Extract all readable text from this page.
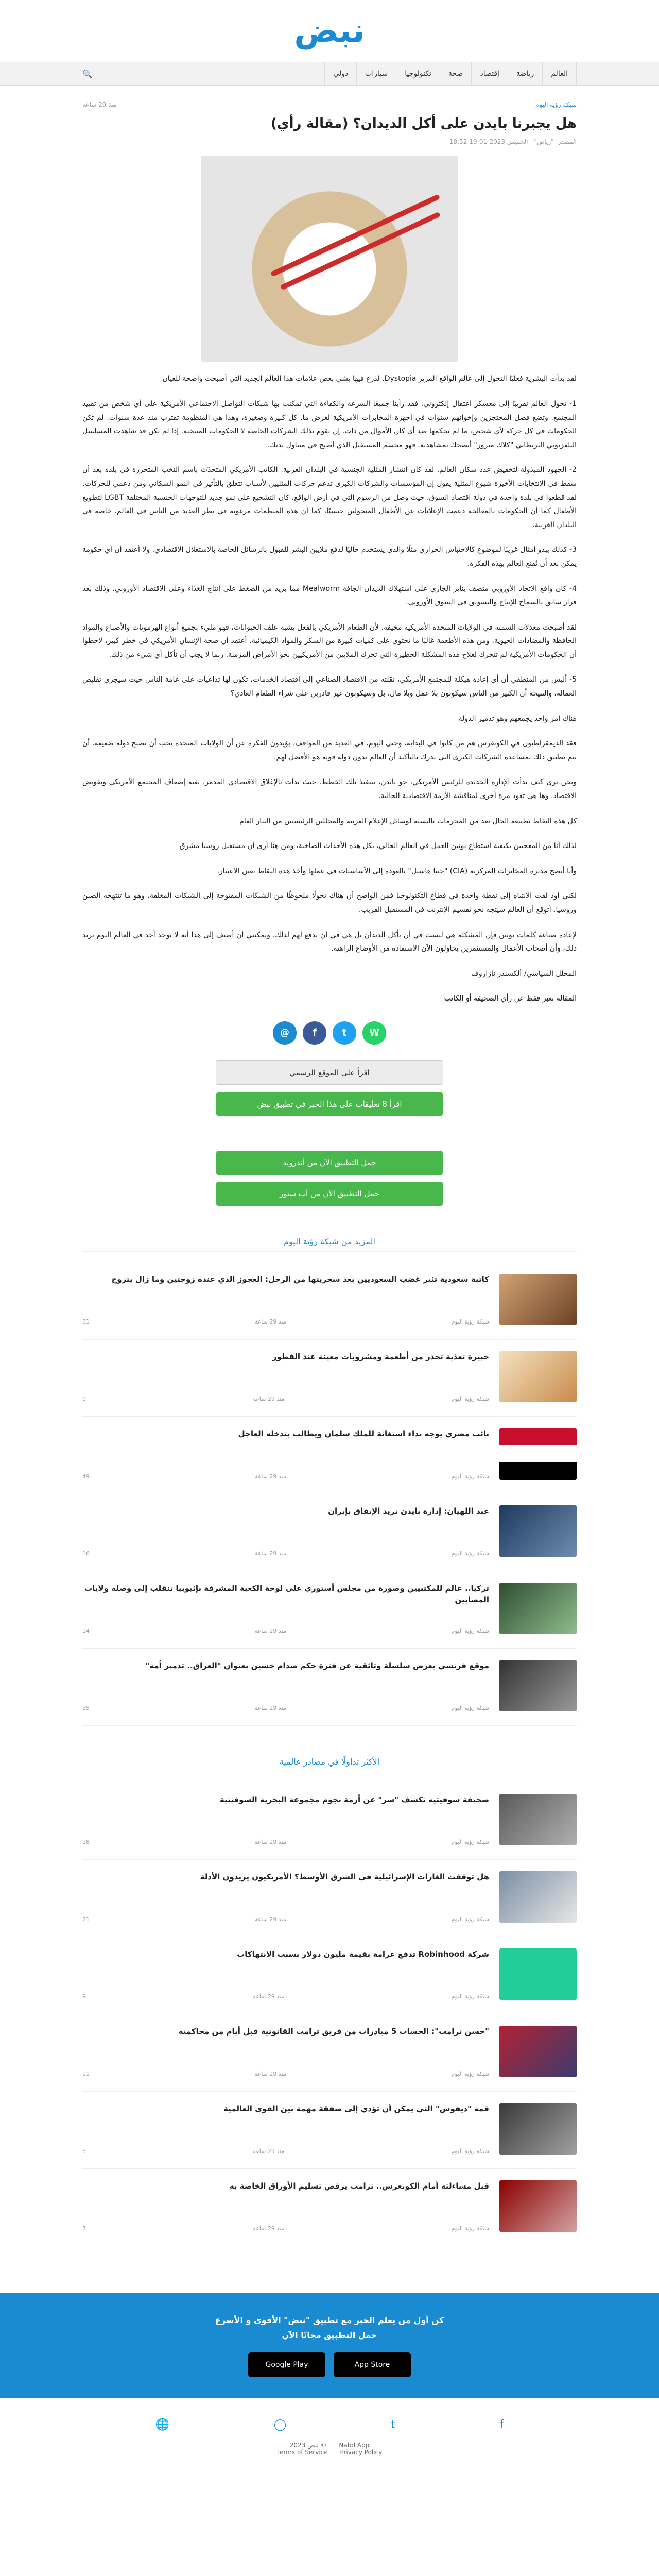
نبض
العالم
رياضة
إقتصاد
صحة
تكنولوجيا
سيارات
دولي
🔍
شبكة رؤية اليوم
منذ 29 ساعة
هل يجبرنا بايدن على أكل الديدان؟ (مقالة رأي)
المصدر: "رياض" - الخميس 2023-01-19 18:52

لقد بدأت البشرية فعليًا التحول إلى عالم الواقع المرير Dystopia. لذرع فيها يشي بعض علامات هذا العالم الجديد التي أصبحت واضحة للعيان

1- تحول العالم تقريبًا إلى معسكر اعتقال إلكتروني. فقد رأينا جميعًا السرعة والكفاءة التي تمكنت بها شبكات التواصل الاجتماعي الأمريكية على أي شخص من تقييد المجتمع. وتضع فضل المحتجزين وإخوانهم سنوات في أجهزة المخابرات الأمريكية لغرض ما. كل كبيرة وصغيرة، وهذا هي المنظومة تقترب منذ عدة سنوات. لم تكن الحكومات في كل حركة لأي شخص، ما لم تحكمها ضد أي كان الأموال من ذات. إن يقوم بذلك الشركات الخاصة لا الحكومات المنتخبة. إذا لم تكن قد شاهدت المسلسل التلفزيوني البريطاني "كلاك ميرور" أنصحك بمشاهدته. فهو مجسم المستقبل الذي أصبح في متناول يديك.

2- الجهود المبذولة لتخفيض عدد سكان العالم. لقد كان انتشار المثلية الجنسية في البلدان الغربية. الكاتب الأمريكي المتحدّث باسم النخب المتحررة في بلده بعد أن سقط في الانتخابات الأخيرة شيوع المثلية يقول إن المؤسسات والشركات الكبرى تدعم حركات المثليين لأسباب تتعلق بالتأثير في النمو السكاني ومن دعمي للحركات. لقد قطعوا في بلدة واحدة في دولة اقتصاد السوق، حيث وصل من الرسوم التي في أرض الواقع، كان التشجيع على نمو جديد للتوجهات الجنسية المختلفة LGBT لتطويع الأطفال كما أن الحكومات بالمعالجة دعمت الإعلانات عن الأطفال المتحولين جنسيًا، كما أن هذه المنظمات مرغوبة في نظر العديد من الناس في العالم، خاصة في البلدان الغربية.

3- كذلك يبدو أمثال غريبًا لموضوع كالاحتباس الحراري مثلًا والذي يستخدم حاليًا لدفع ملايين البشر للقبول بالرسائل الخاصة بالاستغلال الاقتصادي. ولا أعتقد أن أي حكومة يمكن بعد أن تُقنع العالم بهذه الفكرة.

4- كان واقع الاتحاد الأوروبي متصف يناير الجاري على استهلاك الديدان الجافة Mealworm مما يزيد من الضغط على إنتاج الغذاء وعلى الاقتصاد الأوروبي. وذلك بعد قرار سابق بالسماح للإنتاج والتسويق في السوق الأوروبي.

لقد أصبحت معدلات السمنة في الولايات المتحدة الأمريكية مخيفة، لأن الطعام الأمريكي بالفعل يشبه علف الحيوانات، فهو مليء بجميع أنواع الهرمونات والأصباغ والمواد الحافظة والمضادات الحيوية. ومن هذه الأطعمة غالبًا ما تحتوي على كميات كبيرة من السكر والمواد الكيميائية. أعتقد أن صحة الإنسان الأمريكي في خطر كبير، لاحظوا أن الحكومات الأمريكية لم تتحرك لعلاج هذه المشكلة الخطيرة التي تحرك الملايين من الأمريكيين نحو الأمراض المزمنة. ربما لا يجب أن نأكل أي شيء من ذلك.

5- أليس من المنطقي أن أي إعادة هيكلة للمجتمع الأمريكي، نقلته من الاقتصاد الصناعي إلى اقتصاد الخدمات، تكون لها تداعيات على عامة الناس حيث سيجري تقليص العمالة، والنتيجة أن الكثير من الناس سيكونون بلا عمل وبلا مال، بل وسيكونون غير قادرين على شراء الطعام العادي؟

هناك أمر واحد يجمعهم وهو تدمير الدولة

فقد الديمقراطيون في الكونغرس هم من كانوا في البداية، وحتى اليوم، في العديد من المواقف، يؤيدون الفكرة عن أن الولايات المتحدة يجب أن تصبح دولة ضعيفة. أن يتم تطبيق ذلك بمساعدة الشركات الكبرى التي تدرك بالتأكيد أن العالم بدون دولة قوية هو الأفضل لهم.

ونحن نرى كيف بدأت الإدارة الجديدة للرئيس الأمريكي، جو بايدن، بتنفيذ تلك الخطط. حيث بدأت بالإغلاق الاقتصادي المدمر، بغية إضعاف المجتمع الأمريكي وتقويض الاقتصاد. وها هي تعود مرة أخرى لمناقشة الأزمة الاقتصادية الحالية.

كل هذه النقاط بطبيعة الحال تعد من المحرمات بالنسبة لوسائل الإعلام الغربية والمحللين الرئيسيين من التيار العام

لذلك أنا من المعجبين بكيفية استطاع بوتين العمل في العالم الحالي، بكل هذه الأحداث الصاخبة، ومن هنا أرى أن مستقبل روسيا مشرق

وأنا أنصح مديرة المخابرات المركزية (CIA) "جينا هاسبل" بالعودة إلى الأساسيات في عملها وأخذ هذه النقاط بعين الاعتبار.

لكني أود لفت الانتباه إلى نقطة واحدة في قطاع التكنولوجيا فمن الواضح أن هناك تحولًا ملحوظًا من الشبكات المفتوحة إلى الشبكات المغلقة، وهو ما تنتهجه الصين وروسيا. أتوقع أن العالم سيتجه نحو تقسيم الإنترنت في المستقبل القريب.

لإعادة صياغة كلمات بوتين فإن المشكلة هي ليست في أن تأكل الديدان بل هي في أن تدفع لهم لذلك، ويمكنني أن أضيف إلى هذا أنه لا يوجد أحد في العالم اليوم يريد ذلك، وأن أصحاب الأعمال والمستثمرين يحاولون الآن الاستفادة من الأوضاع الراهنة.

المحلل السياسي/ ألكسندر نازاروف

المقالة تعبر فقط عن رأي الصحيفة أو الكاتب

W
t
f
@
اقرأ على الموقع الرسمي
اقرأ 8 تعليقات على هذا الخبر في تطبيق نبض
حمل التطبيق الآن من أندرويد
حمل التطبيق الآن من آب ستور
المزيد من شبكة رؤية اليوم
كاتبة سعودية تثير غضب السعوديين بعد سخريتها من الرجل: العجوز الذي عنده زوجتين وما زال يتزوج
شبكة رؤية اليوم
منذ 29 ساعة
31
خبيرة تغذية تحذر من أطعمة ومشروبات معينة عند الفطور
شبكة رؤية اليوم
منذ 29 ساعة
0
نائب مصري يوجه نداء استغاثة للملك سلمان ويطالب بتدخله العاجل
شبكة رؤية اليوم
منذ 29 ساعة
49
عبد اللهيان: إدارة بايدن تريد الإتفاق بإيران
شبكة رؤية اليوم
منذ 29 ساعة
16
تركيا.. عالم للمكتبيين وصورة من مجلس أستوري على لوحة الكعبة المشرفة بإثيوبيا تنقلب إلى وصلة ولايات المصابين
شبكة رؤية اليوم
منذ 29 ساعة
14
موقع فرنسي يعرض سلسلة وثائقية عن فترة حكم صدام حسين بعنوان "العراق.. تدمير أمة"
شبكة رؤية اليوم
منذ 29 ساعة
55
الأكثر تداولًا في مصادر عالمية
صحيفة سوفيتية تكشف "سر" عن أزمة نجوم مجموعة البحرية السوفيتية
شبكة رؤية اليوم
منذ 29 ساعة
18
هل توقفت الغارات الإسرائيلية في الشرق الأوسط؟ الأمريكيون يريدون الأدلة
شبكة رؤية اليوم
منذ 29 ساعة
21
شركة Robinhood تدفع غرامة بقيمة مليون دولار بسبب الانتهاكات
شبكة رؤية اليوم
منذ 29 ساعة
9
"حسن ترامب": الحساب 5 مبادرات من فريق ترامب القانونية قبل أيام من محاكمته
شبكة رؤية اليوم
منذ 29 ساعة
11
قمة "ديفوس" التي يمكن أن تؤدي إلى صفقة مهمة بين القوى العالمية
شبكة رؤية اليوم
منذ 29 ساعة
5
قبل مساءلته أمام الكونغرس.. ترامب يرفض تسليم الأوراق الخاصة به
شبكة رؤية اليوم
منذ 29 ساعة
7
كن أول من يعلم الخبر مع تطبيق "نبض" الأقوى و الأسرع
حمل التطبيق مجانًا الآن
App Store
Google Play
f
t
◯
🌐
Nabd App © نبض 2023
Terms of Service Privacy Policy
